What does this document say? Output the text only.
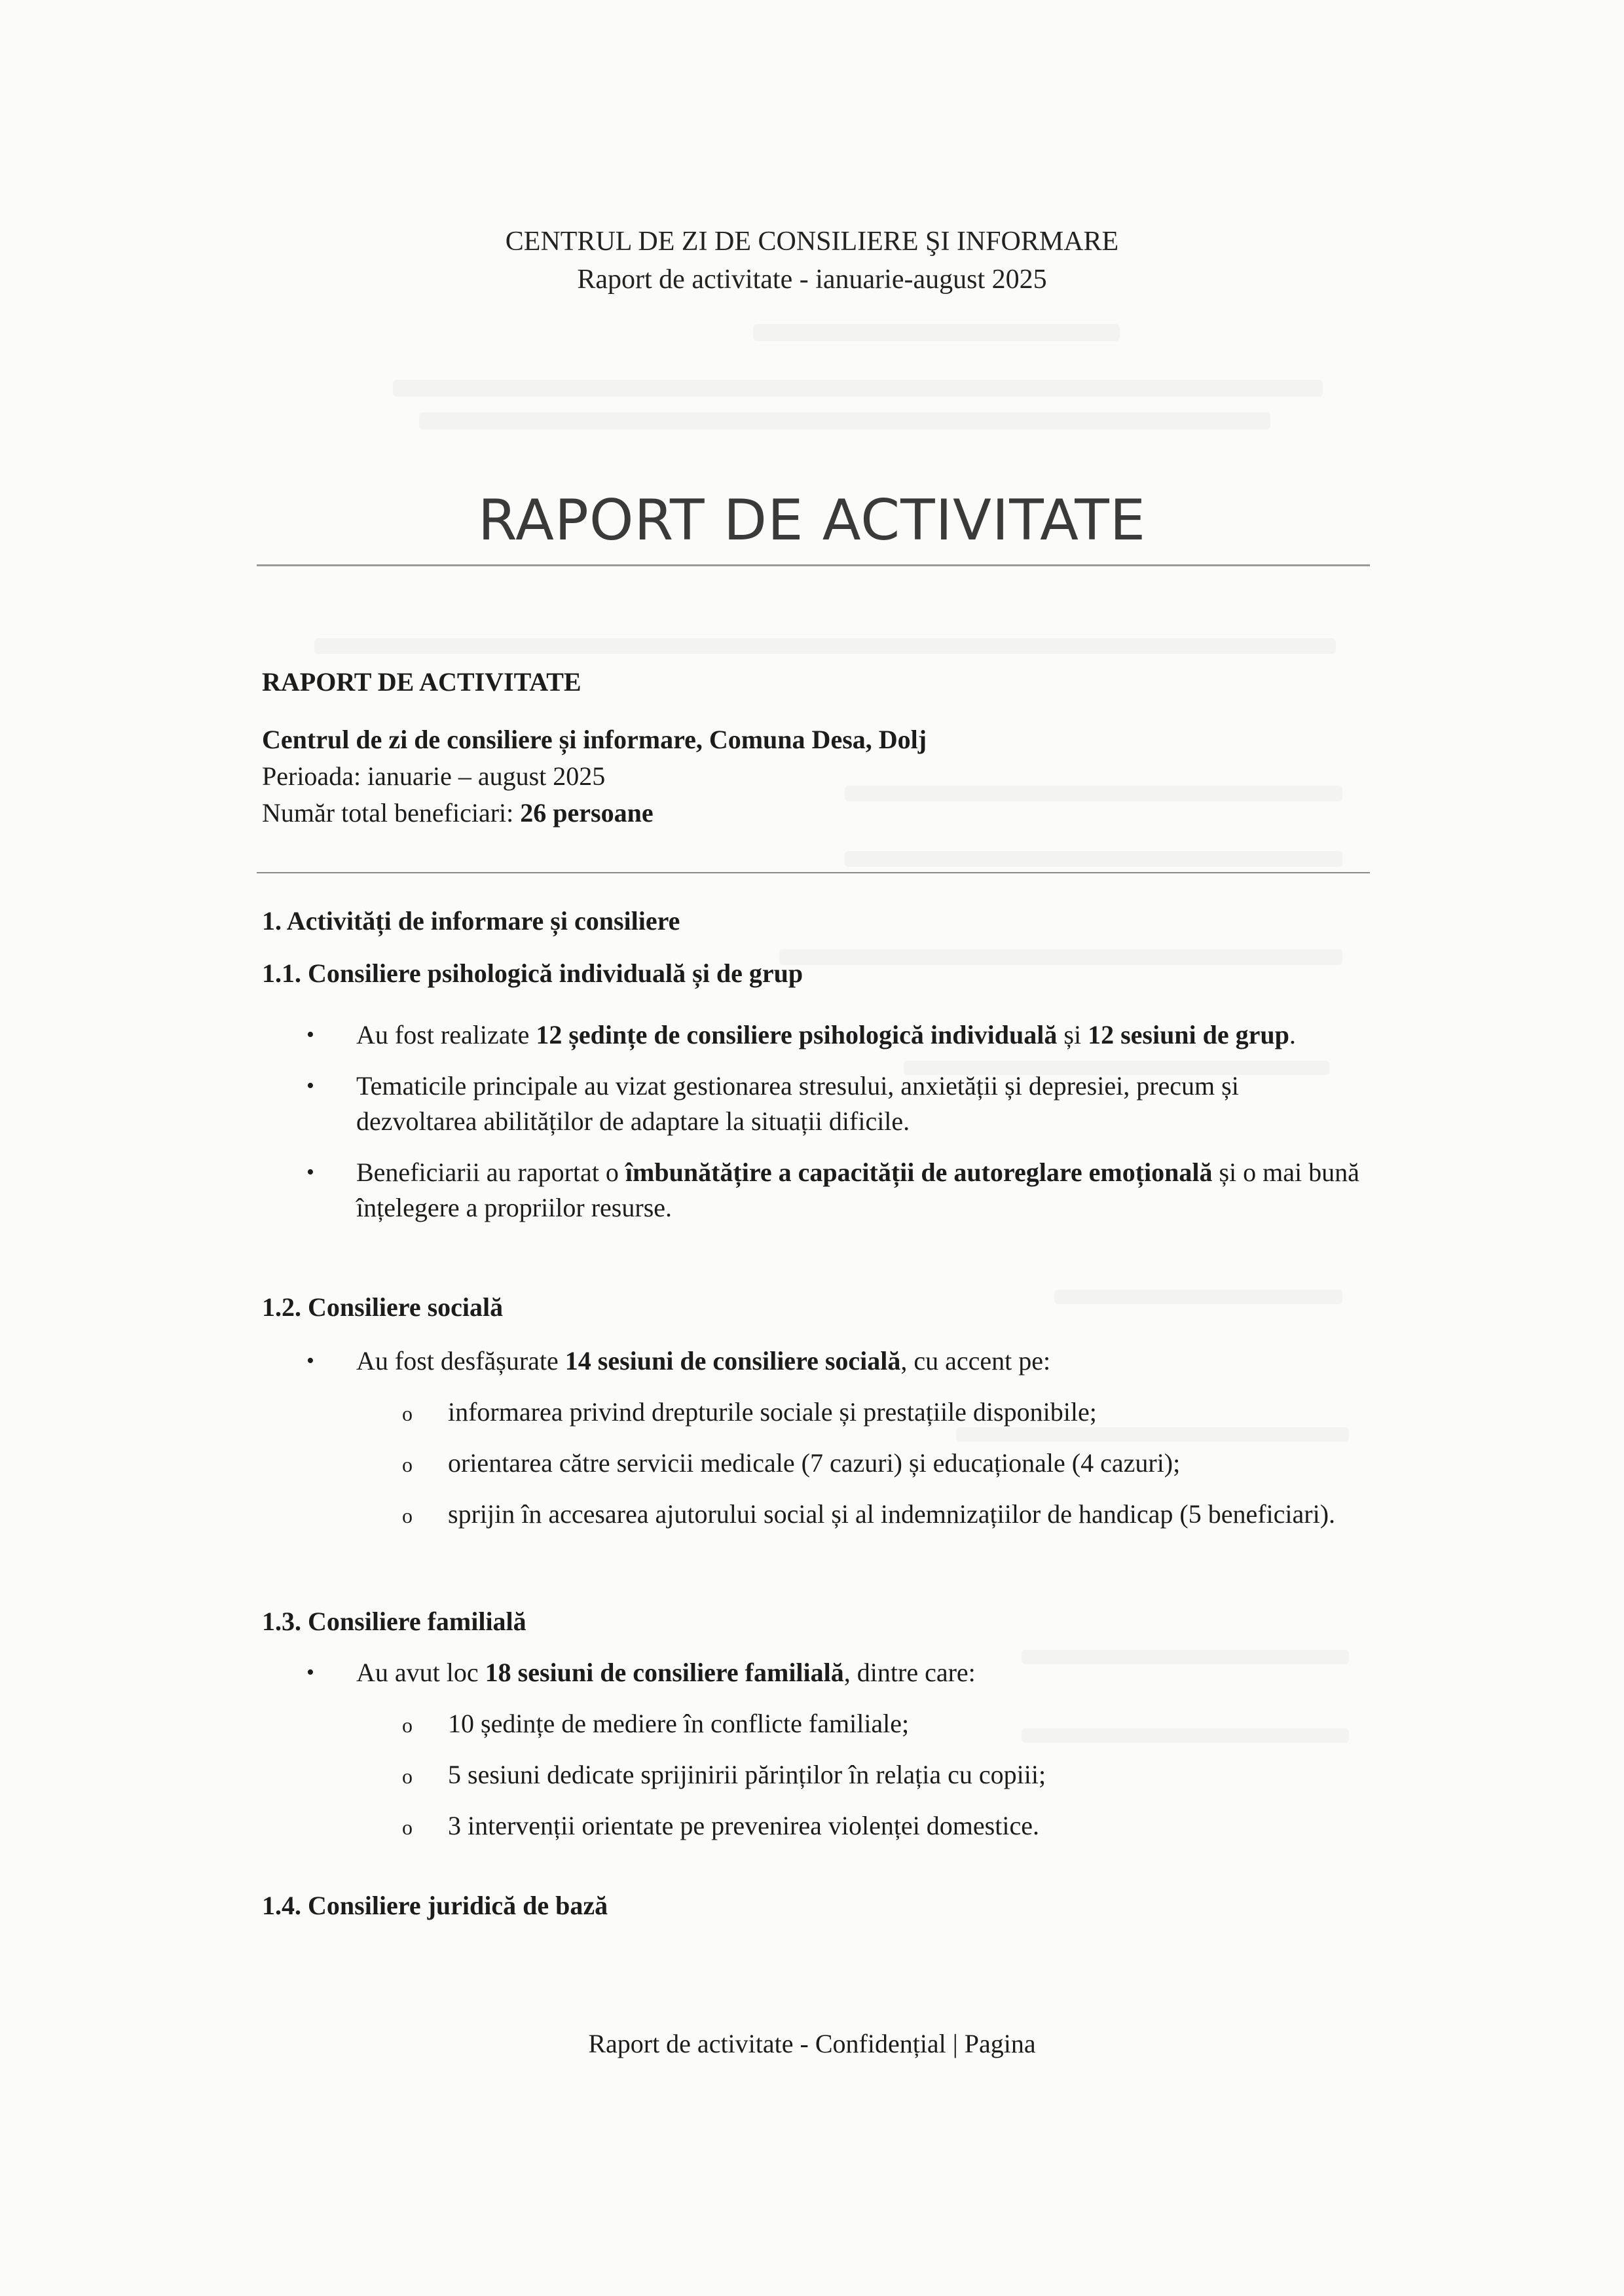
CENTRUL DE ZI DE CONSILIERE ŞI INFORMARE
Raport de activitate - ianuarie-august 2025
RAPORT DE ACTIVITATE
RAPORT DE ACTIVITATE
Centrul de zi de consiliere și informare, Comuna Desa, Dolj
Perioada: ianuarie – august 2025
Număr total beneficiari: 26 persoane
1. Activități de informare și consiliere
1.1. Consiliere psihologică individuală și de grup
• Au fost realizate 12 ședințe de consiliere psihologică individuală și 12 sesiuni de grup.
• Tematicile principale au vizat gestionarea stresului, anxietății și depresiei, precum și dezvoltarea abilităților de adaptare la situații dificile.
• Beneficiarii au raportat o îmbunătățire a capacității de autoreglare emoțională și o mai bună înțelegere a propriilor resurse.
1.2. Consiliere socială
• Au fost desfășurate 14 sesiuni de consiliere socială, cu accent pe:
o informarea privind drepturile sociale și prestațiile disponibile;
o orientarea către servicii medicale (7 cazuri) și educaționale (4 cazuri);
o sprijin în accesarea ajutorului social și al indemnizațiilor de handicap (5 beneficiari).
1.3. Consiliere familială
• Au avut loc 18 sesiuni de consiliere familială, dintre care:
o 10 ședințe de mediere în conflicte familiale;
o 5 sesiuni dedicate sprijinirii părinților în relația cu copiii;
o 3 intervenții orientate pe prevenirea violenței domestice.
1.4. Consiliere juridică de bază
Raport de activitate - Confidențial | Pagina
